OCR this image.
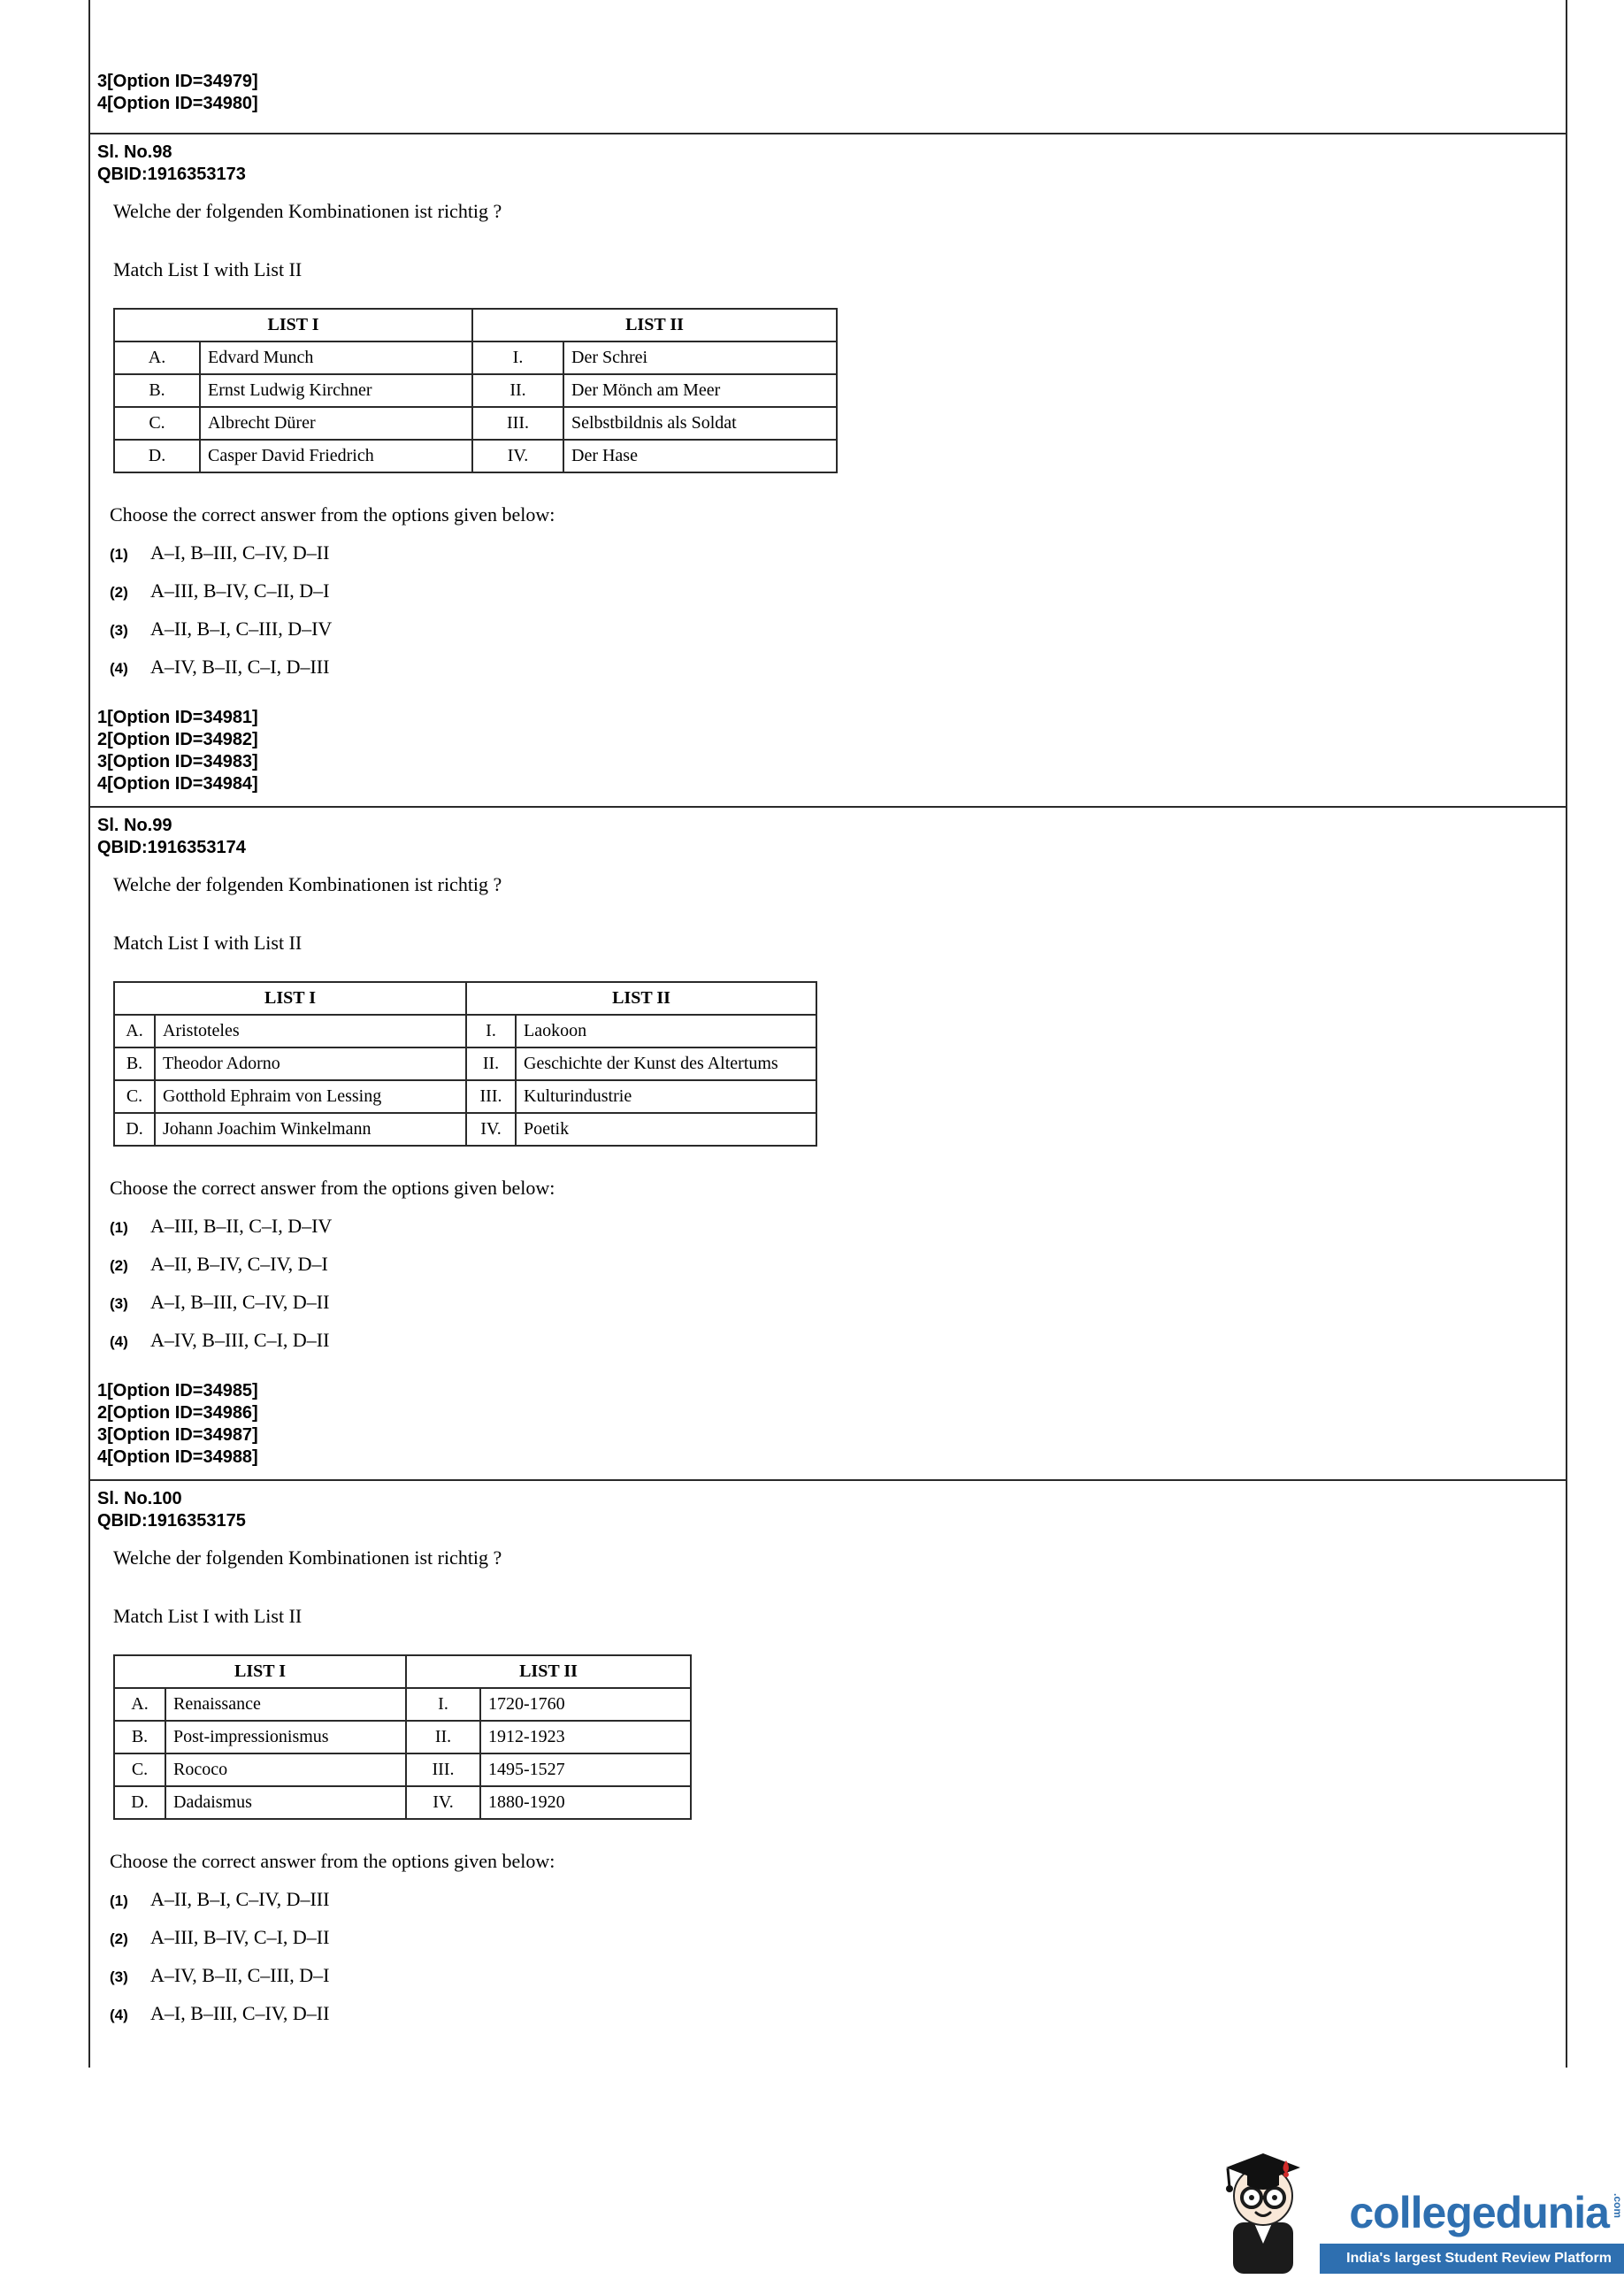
3[Option ID=34979]
4[Option ID=34980]
Sl. No.98
QBID:1916353173

Welche der folgenden Kombinationen ist richtig ?

Match List I with List II

LIST I		LIST II	
A.	Edvard Munch	I.	Der Schrei
B.	Ernst Ludwig Kirchner	II.	Der Mönch am Meer
C.	Albrecht Dürer	III.	Selbstbildnis als Soldat
D.	Casper David Friedrich	IV.	Der Hase

Choose the correct answer from the options given below:

(1)	A–I, B–III, C–IV, D–II
(2)	A–III, B–IV, C–II, D–I
(3)	A–II, B–I, C–III, D–IV
(4)	A–IV, B–II, C–I, D–III
1[Option ID=34981]
2[Option ID=34982]
3[Option ID=34983]
4[Option ID=34984]
Sl. No.99
QBID:1916353174

Welche der folgenden Kombinationen ist richtig ?

Match List I with List II

LIST I		LIST II	
A.	Aristoteles	I.	Laokoon
B.	Theodor Adorno	II.	Geschichte der Kunst des Altertums
C.	Gotthold Ephraim von Lessing	III.	Kulturindustrie
D.	Johann Joachim Winkelmann	IV.	Poetik

Choose the correct answer from the options given below:

(1)	A–III, B–II, C–I, D–IV
(2)	A–II, B–IV, C–IV, D–I
(3)	A–I, B–III, C–IV, D–II
(4)	A–IV, B–III, C–I, D–II
1[Option ID=34985]
2[Option ID=34986]
3[Option ID=34987]
4[Option ID=34988]
Sl. No.100
QBID:1916353175

Welche der folgenden Kombinationen ist richtig ?

Match List I with List II

LIST I		LIST II	
A.	Renaissance	I.	1720-1760
B.	Post-impressionismus	II.	1912-1923
C.	Rococo	III.	1495-1527
D.	Dadaismus	IV.	1880-1920

Choose the correct answer from the options given below:

(1)	A–II, B–I, C–IV, D–III
(2)	A–III, B–IV, C–I, D–II
(3)	A–IV, B–II, C–III, D–I
(4)	A–I, B–III, C–IV, D–II
collegedunia .com
India's largest Student Review Platform
